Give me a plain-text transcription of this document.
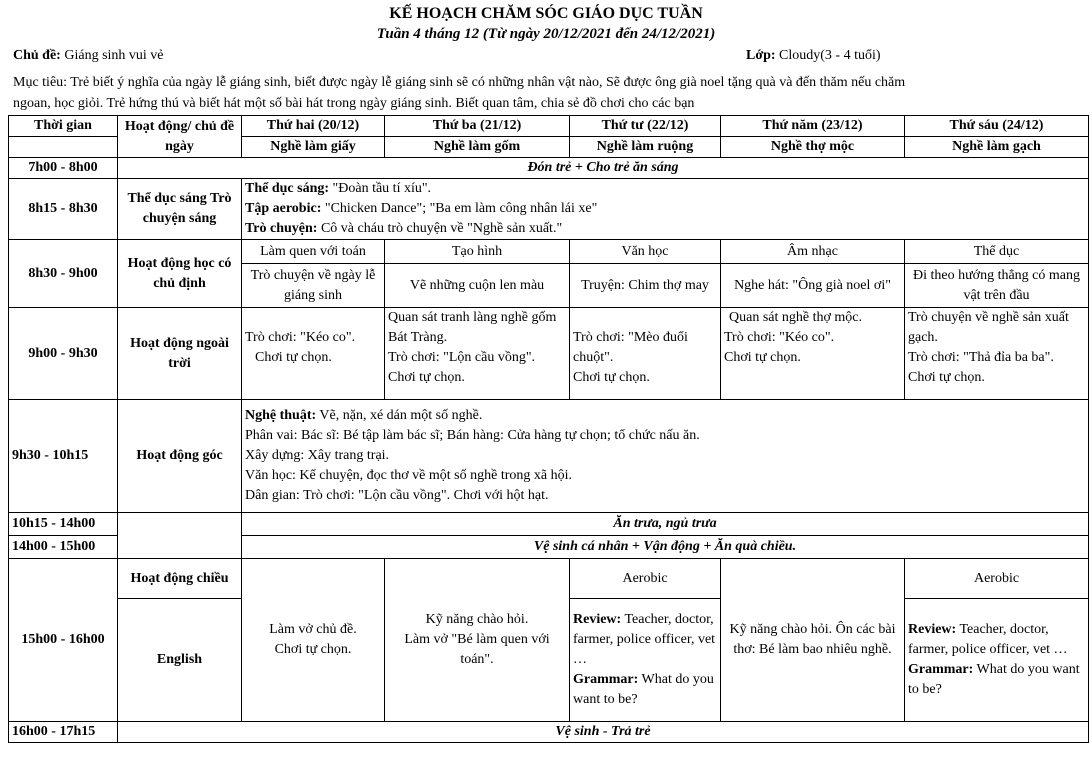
KẾ HOẠCH CHĂM SÓC GIÁO DỤC TUẦN
Tuần 4 tháng 12 (Từ ngày 20/12/2021 đến 24/12/2021)
Chủ đề: Giáng sinh vui vẻ	Lớp: Cloudy(3 - 4 tuổi)
Mục tiêu: Trẻ biết ý nghĩa của ngày lễ giáng sinh, biết được ngày lễ giáng sinh sẽ có những nhân vật nào, Sẽ được ông già noel tặng quà và đến thăm nếu chăm
ngoan, học giỏi. Trẻ hứng thú và biết hát một số bài hát trong ngày giáng sinh. Biết quan tâm, chia sẻ đồ chơi cho các bạn
Thời gian	Hoạt động/ chủ đề ngày	Thứ hai (20/12)	Thứ ba (21/12)	Thứ tư (22/12)	Thứ năm (23/12)	Thứ sáu (24/12)
		Nghề làm giấy	Nghề làm gốm	Nghề làm ruộng	Nghề thợ mộc	Nghề làm gạch
7h00 - 8h00	Đón trẻ + Cho trẻ ăn sáng					
8h15 - 8h30	Thể dục sáng Trò chuyện sáng	Thể dục sáng: "Đoàn tầu tí xíu".
Tập aerobic: "Chicken Dance"; "Ba em làm công nhân lái xe"
Trò chuyện: Cô và cháu trò chuyện về "Nghề sản xuất."				

8h30 - 9h00	Hoạt động học có chủ định	Làm quen với toán	Tạo hình	Văn học	Âm nhạc	Thể dục
		Trò chuyện về ngày lễ giáng sinh	Vẽ những cuộn len màu	Truyện: Chim thợ may	Nghe hát: "Ông già noel ơi"	Đi theo hướng thẳng có mang vật trên đầu
9h00 - 9h30	Hoạt động ngoài trời	Trò chơi: "Kéo co".
Chơi tự chọn.	Quan sát tranh làng nghề gốm Bát Tràng.
Trò chơi: "Lộn cầu vồng".
Chơi tự chọn.	Trò chơi: "Mèo đuổi chuột".
Chơi tự chọn.	Quan sát nghề thợ mộc.
Trò chơi: "Kéo co".
Chơi tự chọn.	Trò chuyện về nghề sản xuất gạch.
Trò chơi: "Thả đỉa ba ba".
Chơi tự chọn.

9h30 - 10h15	Hoạt động góc	Nghệ thuật: Vẽ, nặn, xé dán một số nghề.
Phân vai: Bác sĩ: Bé tập làm bác sĩ; Bán hàng: Cửa hàng tự chọn; tổ chức nấu ăn.
Xây dựng: Xây trang trại.
Văn học: Kể chuyện, đọc thơ về một số nghề trong xã hội.
Dân gian: Trò chơi: "Lộn cầu vồng". Chơi với hột hạt.				

10h15 - 14h00		Ăn trưa, ngủ trưa				
14h00 - 15h00		Vệ sinh cá nhân + Vận động + Ăn quà chiều.				
15h00 - 16h00	Hoạt động chiều	Làm vở chủ đề.
Chơi tự chọn.	Kỹ năng chào hỏi.
Làm vở "Bé làm quen với toán".	Aerobic	Kỹ năng chào hỏi. Ôn các bài thơ: Bé làm bao nhiêu nghề.	Aerobic
	English			Review: Teacher, doctor, farmer, police officer, vet …
Grammar: What do you want to be?		Review: Teacher, doctor, farmer, police officer, vet …
Grammar: What do you want to be?

16h00 - 17h15	Vệ sinh - Trả trẻ					
